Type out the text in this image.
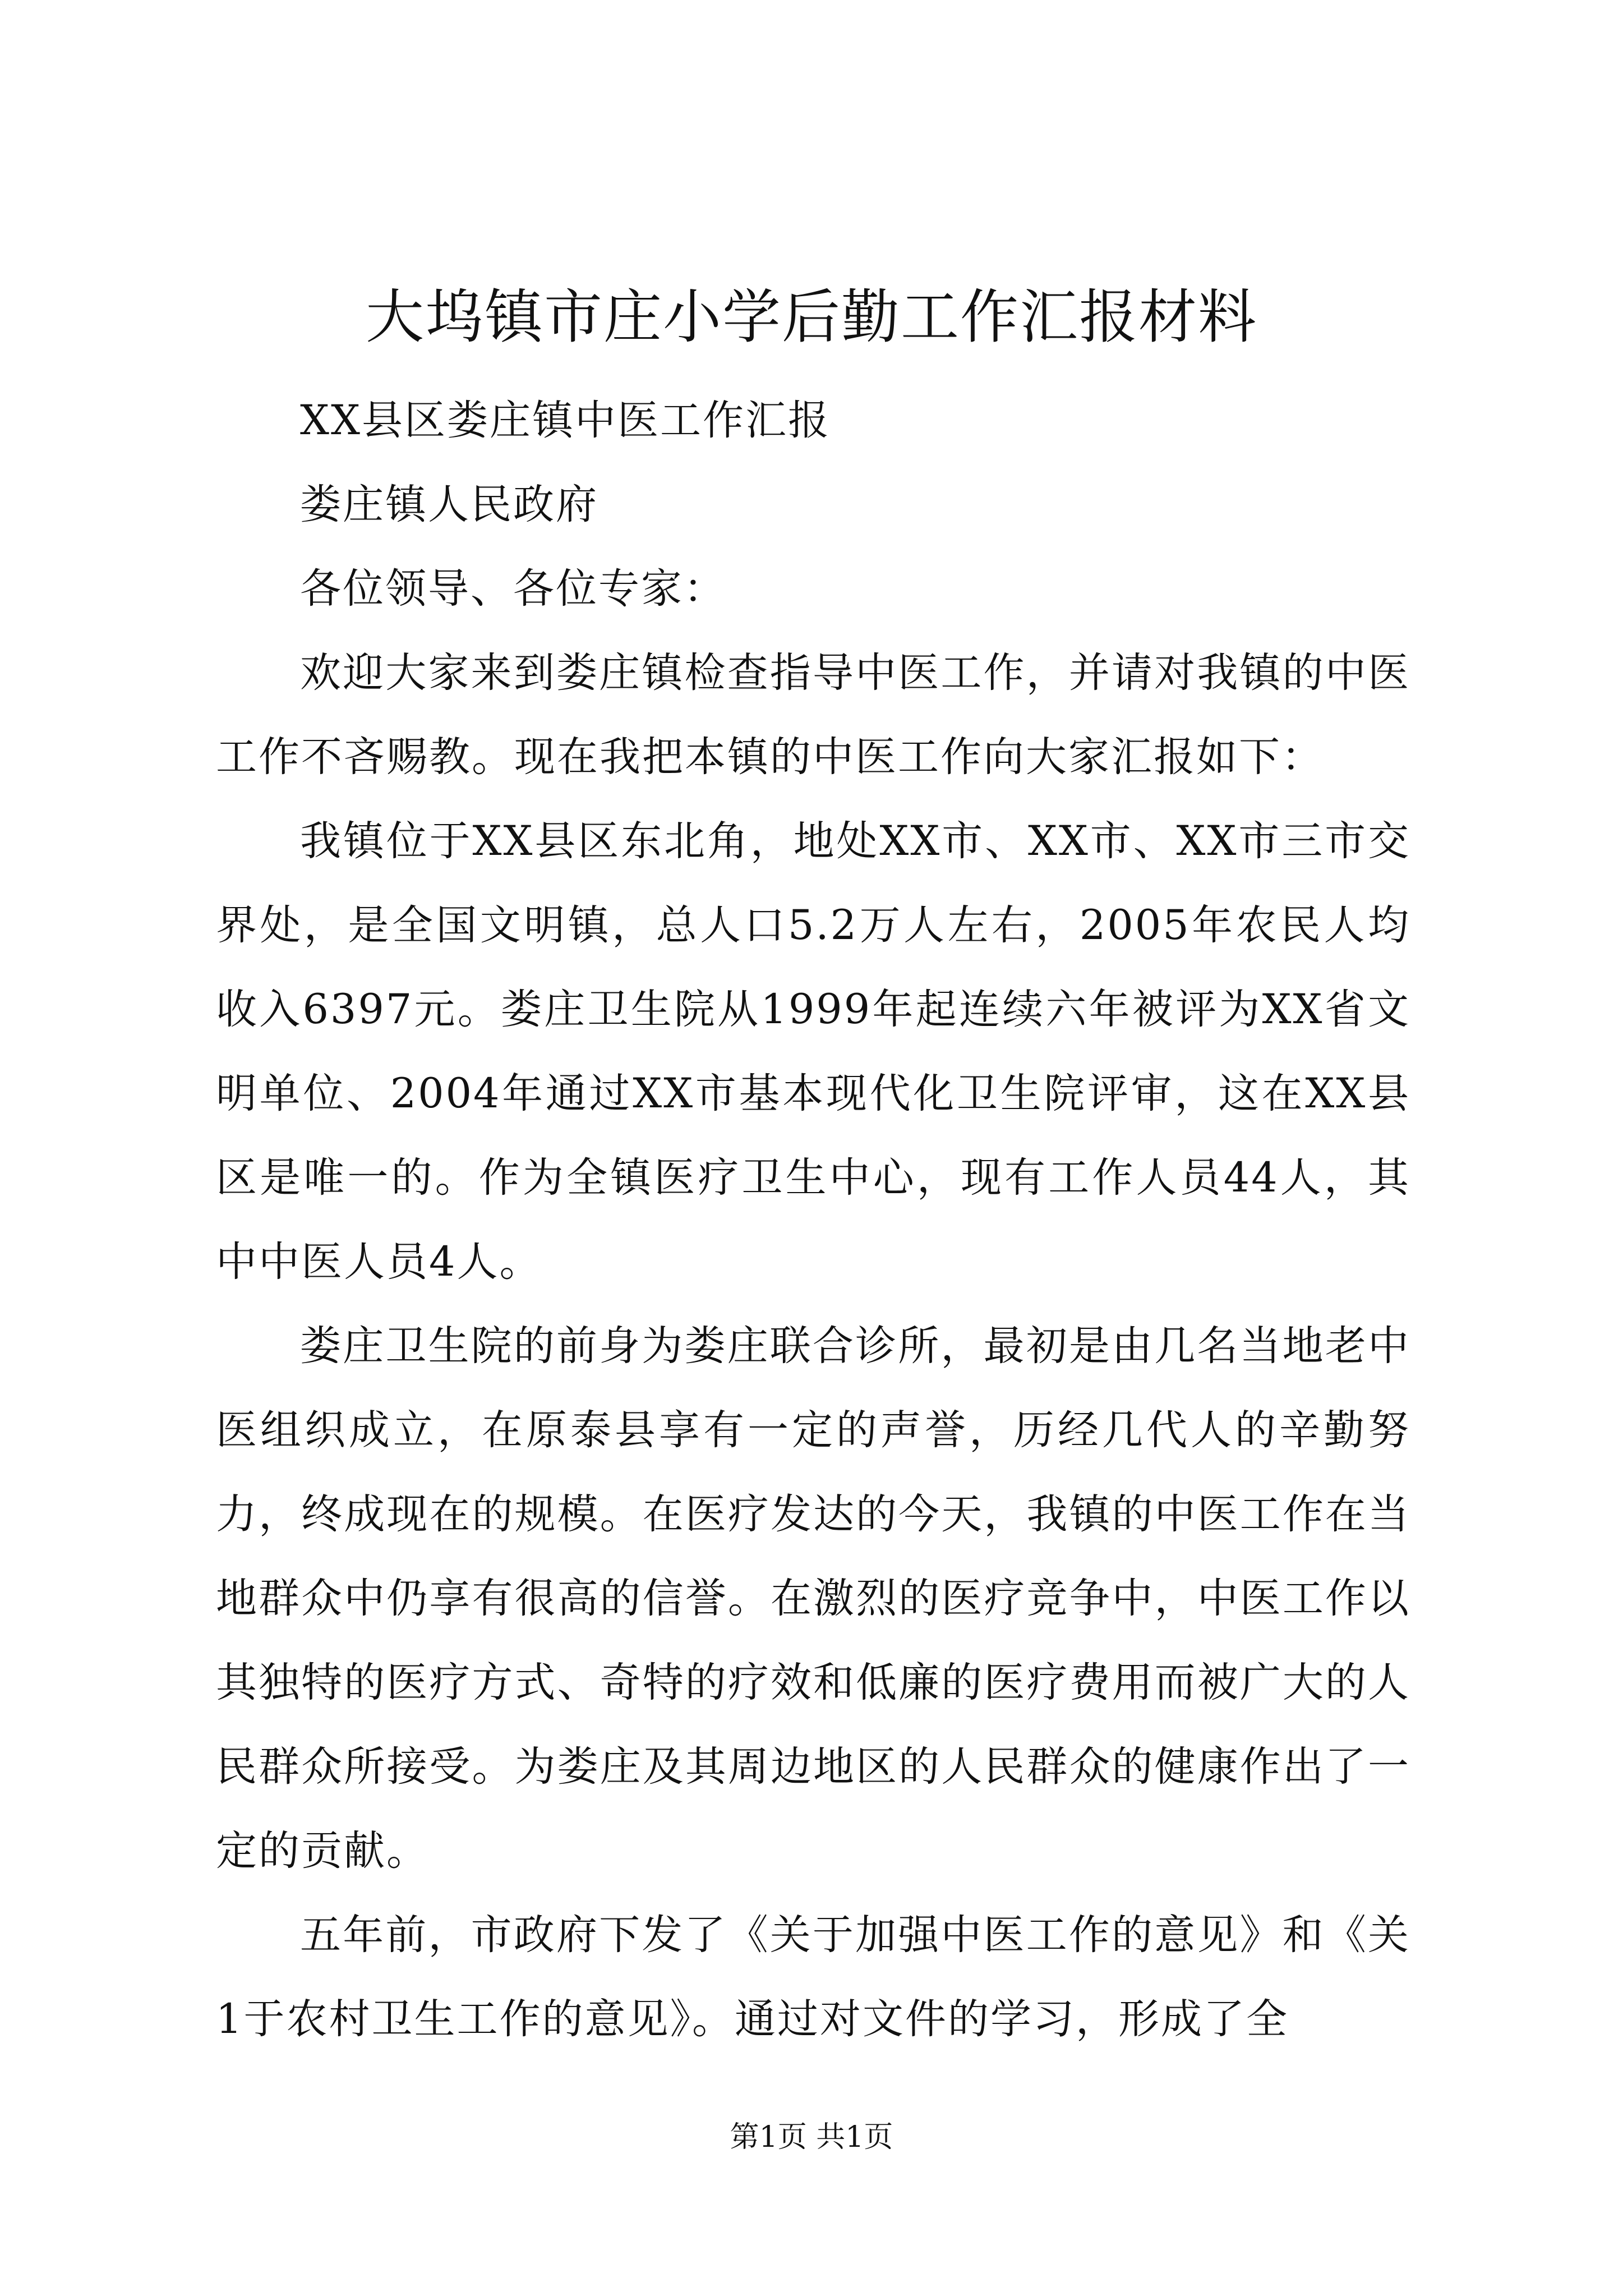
大坞镇市庄小学后勤工作汇报材料

XX县区娄庄镇中医工作汇报

娄庄镇人民政府

各位领导、各位专家：

欢迎大家来到娄庄镇检查指导中医工作，并请对我镇的中医工作不吝赐教。现在我把本镇的中医工作向大家汇报如下：

我镇位于XX县区东北角，地处XX市、XX市、XX市三市交界处，是全国文明镇，总人口5.2万人左右，2005年农民人均收入6397元。娄庄卫生院从1999年起连续六年被评为XX省文明单位、2004年通过XX市基本现代化卫生院评审，这在XX县区是唯一的。作为全镇医疗卫生中心，现有工作人员44人，其中中医人员4人。

娄庄卫生院的前身为娄庄联合诊所，最初是由几名当地老中医组织成立，在原泰县享有一定的声誉，历经几代人的辛勤努力，终成现在的规模。在医疗发达的今天，我镇的中医工作在当地群众中仍享有很高的信誉。在激烈的医疗竞争中，中医工作以其独特的医疗方式、奇特的疗效和低廉的医疗费用而被广大的人民群众所接受。为娄庄及其周边地区的人民群众的健康作出了一定的贡献。

五年前，市政府下发了《关于加强中医工作的意见》和《关1于农村卫生工作的意见》。通过对文件的学习，形成了全

第1页 共1页
